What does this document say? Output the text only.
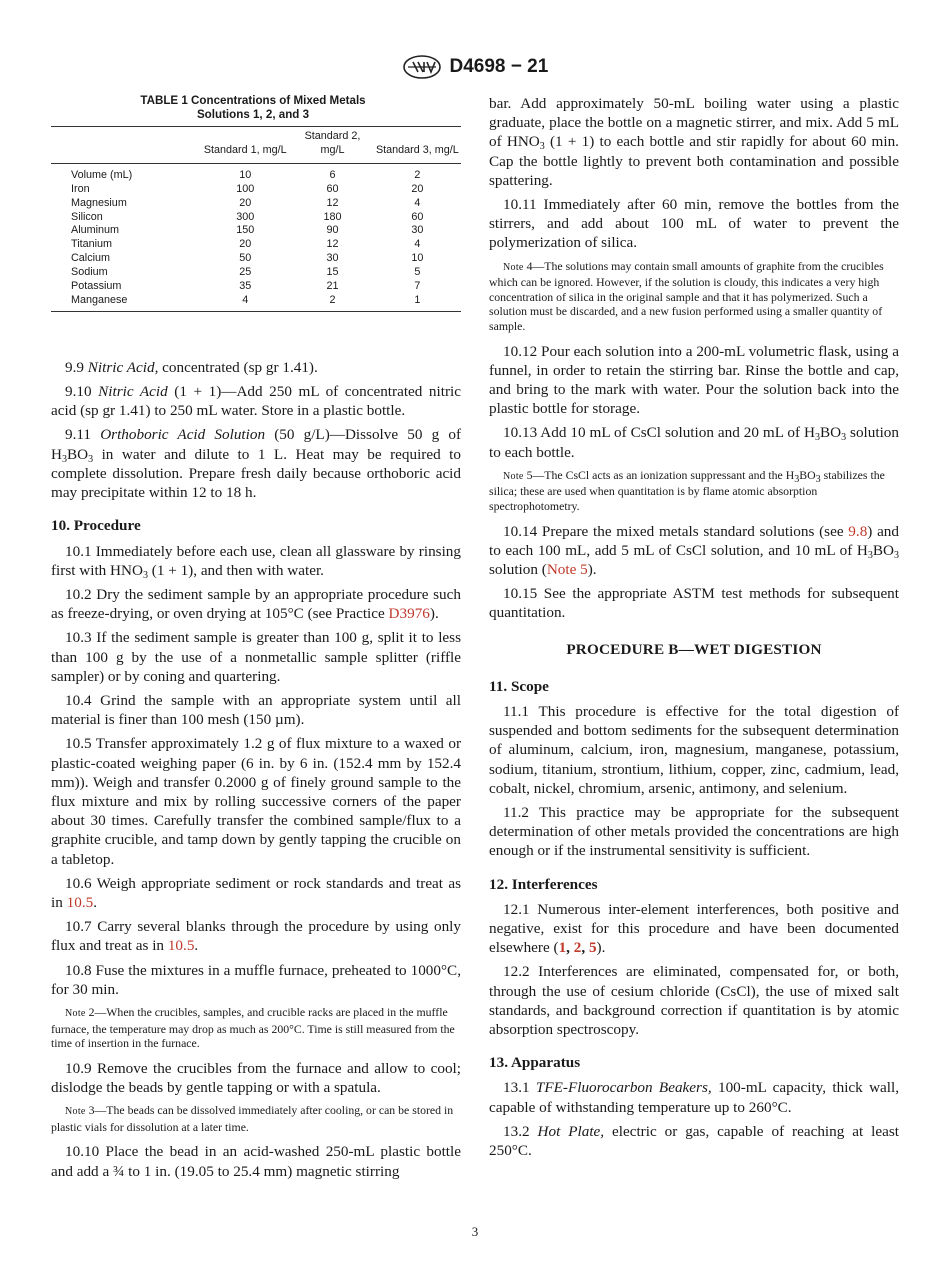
D4698 − 21
TABLE 1 Concentrations of Mixed Metals
Solutions 1, 2, and 3
	Standard 1, mg/L	Standard 2, mg/L	Standard 3, mg/L
Volume (mL)	10	6	2
Iron	100	60	20
Magnesium	20	12	4
Silicon	300	180	60
Aluminum	150	90	30
Titanium	20	12	4
Calcium	50	30	10
Sodium	25	15	5
Potassium	35	21	7
Manganese	4	2	1

9.9 Nitric Acid, concentrated (sp gr 1.41).

9.10 Nitric Acid (1 + 1)—Add 250 mL of concentrated nitric acid (sp gr 1.41) to 250 mL water. Store in a plastic bottle.

9.11 Orthoboric Acid Solution (50 g/L)—Dissolve 50 g of $H_3BO_3$ in water and dilute to 1 L. Heat may be required to complete dissolution. Prepare fresh daily because orthoboric acid may precipitate within 12 to 18 h.

10. Procedure

10.1 Immediately before each use, clean all glassware by rinsing first with $HNO_3$ (1 + 1), and then with water.

10.2 Dry the sediment sample by an appropriate procedure such as freeze-drying, or oven drying at 105°C (see Practice D3976).

10.3 If the sediment sample is greater than 100 g, split it to less than 100 g by the use of a nonmetallic sample splitter (riffle sampler) or by coning and quartering.

10.4 Grind the sample with an appropriate system until all material is finer than 100 mesh (150 µm).

10.5 Transfer approximately 1.2 g of flux mixture to a waxed or plastic-coated weighing paper (6 in. by 6 in. (152.4 mm by 152.4 mm)). Weigh and transfer 0.2000 g of finely ground sample to the flux mixture and mix by rolling successive corners of the paper about 30 times. Carefully transfer the combined sample/flux to a graphite crucible, and tamp down by gently tapping the crucible on a tabletop.

10.6 Weigh appropriate sediment or rock standards and treat as in 10.5.

10.7 Carry several blanks through the procedure by using only flux and treat as in 10.5.

10.8 Fuse the mixtures in a muffle furnace, preheated to 1000°C, for 30 min.

Note 2—When the crucibles, samples, and crucible racks are placed in the muffle furnace, the temperature may drop as much as 200°C. Time is still measured from the time of insertion in the furnace.

10.9 Remove the crucibles from the furnace and allow to cool; dislodge the beads by gentle tapping or with a spatula.

Note 3—The beads can be dissolved immediately after cooling, or can be stored in plastic vials for dissolution at a later time.

10.10 Place the bead in an acid-washed 250-mL plastic bottle and add a ¾ to 1 in. (19.05 to 25.4 mm) magnetic stirring

bar. Add approximately 50-mL boiling water using a plastic graduate, place the bottle on a magnetic stirrer, and mix. Add 5 mL of $HNO_3$ (1 + 1) to each bottle and stir rapidly for about 60 min. Cap the bottle lightly to prevent both contamination and possible spattering.

10.11 Immediately after 60 min, remove the bottles from the stirrers, and add about 100 mL of water to prevent the polymerization of silica.

Note 4—The solutions may contain small amounts of graphite from the crucibles which can be ignored. However, if the solution is cloudy, this indicates a very high concentration of silica in the original sample and that it has polymerized. Such a solution must be discarded, and a new fusion performed using a smaller quantity of sample.

10.12 Pour each solution into a 200-mL volumetric flask, using a funnel, in order to retain the stirring bar. Rinse the bottle and cap, and bring to the mark with water. Pour the solution back into the plastic bottle for storage.

10.13 Add 10 mL of CsCl solution and 20 mL of $H_3BO_3$ solution to each bottle.

Note 5—The CsCl acts as an ionization suppressant and the $H_3BO_3$ stabilizes the silica; these are used when quantitation is by flame atomic absorption spectrophotometry.

10.14 Prepare the mixed metals standard solutions (see 9.8) and to each 100 mL, add 5 mL of CsCl solution, and 10 mL of $H_3BO_3$ solution (Note 5).

10.15 See the appropriate ASTM test methods for subsequent quantitation.

PROCEDURE B—WET DIGESTION
11. Scope

11.1 This procedure is effective for the total digestion of suspended and bottom sediments for the subsequent determination of aluminum, calcium, iron, magnesium, manganese, potassium, sodium, titanium, strontium, lithium, copper, zinc, cadmium, lead, cobalt, nickel, chromium, arsenic, antimony, and selenium.

11.2 This practice may be appropriate for the subsequent determination of other metals provided the concentrations are high enough or if the instrumental sensitivity is sufficient.

12. Interferences

12.1 Numerous inter-element interferences, both positive and negative, exist for this procedure and have been documented elsewhere (1, 2, 5).

12.2 Interferences are eliminated, compensated for, or both, through the use of cesium chloride (CsCl), the use of mixed salt standards, and background correction if quantitation is by atomic absorption spectroscopy.

13. Apparatus

13.1 TFE-Fluorocarbon Beakers, 100-mL capacity, thick wall, capable of withstanding temperature up to 260°C.

13.2 Hot Plate, electric or gas, capable of reaching at least 250°C.

3
